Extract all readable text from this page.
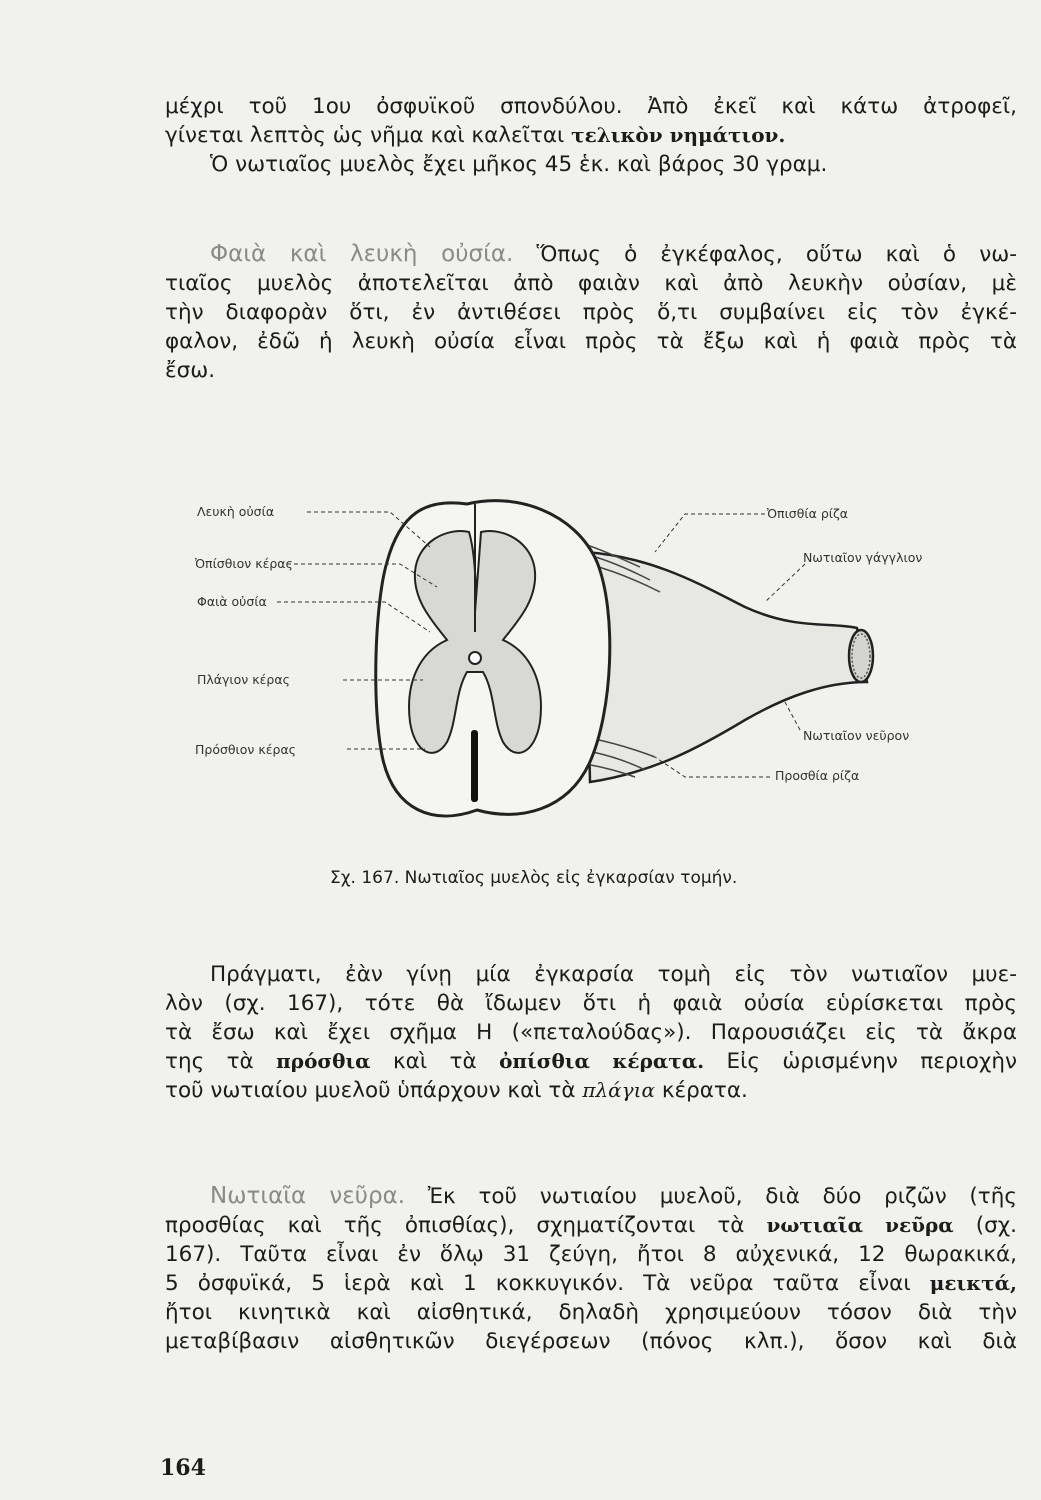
μέχρι τοῦ 1ου ὀσφυϊκοῦ σπονδύλου. Ἀπὸ ἐκεῖ καὶ κάτω ἀτροφεῖ,
γίνεται λεπτὸς ὡς νῆμα καὶ καλεῖται τελικὸν νημάτιον.
Ὁ νωτιαῖος μυελὸς ἔχει μῆκος 45 ἑκ. καὶ βάρος 30 γραμ.
Φαιὰ καὶ λευκὴ οὐσία. Ὅπως ὁ ἐγκέφαλος, οὕτω καὶ ὁ νω-
τιαῖος μυελὸς ἀποτελεῖται ἀπὸ φαιὰν καὶ ἀπὸ λευκὴν οὐσίαν, μὲ
τὴν διαφορὰν ὅτι, ἐν ἀντιθέσει πρὸς ὅ,τι συμβαίνει εἰς τὸν ἐγκέ-
φαλον, ἐδῶ ἡ λευκὴ οὐσία εἶναι πρὸς τὰ ἔξω καὶ ἡ φαιὰ πρὸς τὰ
ἔσω.
Λευκὴ οὐσία
Ὀπίσθιον κέρας
Φαιὰ οὐσία
Πλάγιον κέρας
Πρόσθιον κέρας
Ὀπισθία ρίζα
Νωτιαῖον γάγγλιον
Νωτιαῖον νεῦρον
Προσθία ρίζα

Σχ. 167. Νωτιαῖος μυελὸς εἰς ἐγκαρσίαν τομήν.

Πράγματι, ἐὰν γίνῃ μία ἐγκαρσία τομὴ εἰς τὸν νωτιαῖον μυε-
λὸν (σχ. 167), τότε θὰ ἴδωμεν ὅτι ἡ φαιὰ οὐσία εὑρίσκεται πρὸς
τὰ ἔσω καὶ ἔχει σχῆμα Η («πεταλούδας»). Παρουσιάζει εἰς τὰ ἄκρα
της τὰ πρόσθια καὶ τὰ ὀπίσθια κέρατα. Εἰς ὡρισμένην περιοχὴν
τοῦ νωτιαίου μυελοῦ ὑπάρχουν καὶ τὰ πλάγια κέρατα.
Νωτιαῖα νεῦρα. Ἐκ τοῦ νωτιαίου μυελοῦ, διὰ δύο ριζῶν (τῆς
προσθίας καὶ τῆς ὀπισθίας), σχηματίζονται τὰ νωτιαῖα νεῦρα (σχ.
167). Ταῦτα εἶναι ἐν ὅλῳ 31 ζεύγη, ἤτοι 8 αὐχενικά, 12 θωρακικά,
5 ὀσφυϊκά, 5 ἱερὰ καὶ 1 κοκκυγικόν. Τὰ νεῦρα ταῦτα εἶναι μεικτά,
ἤτοι κινητικὰ καὶ αἰσθητικά, δηλαδὴ χρησιμεύουν τόσον διὰ τὴν
μεταβίβασιν αἰσθητικῶν διεγέρσεων (πόνος κλπ.), ὅσον καὶ διὰ

164
